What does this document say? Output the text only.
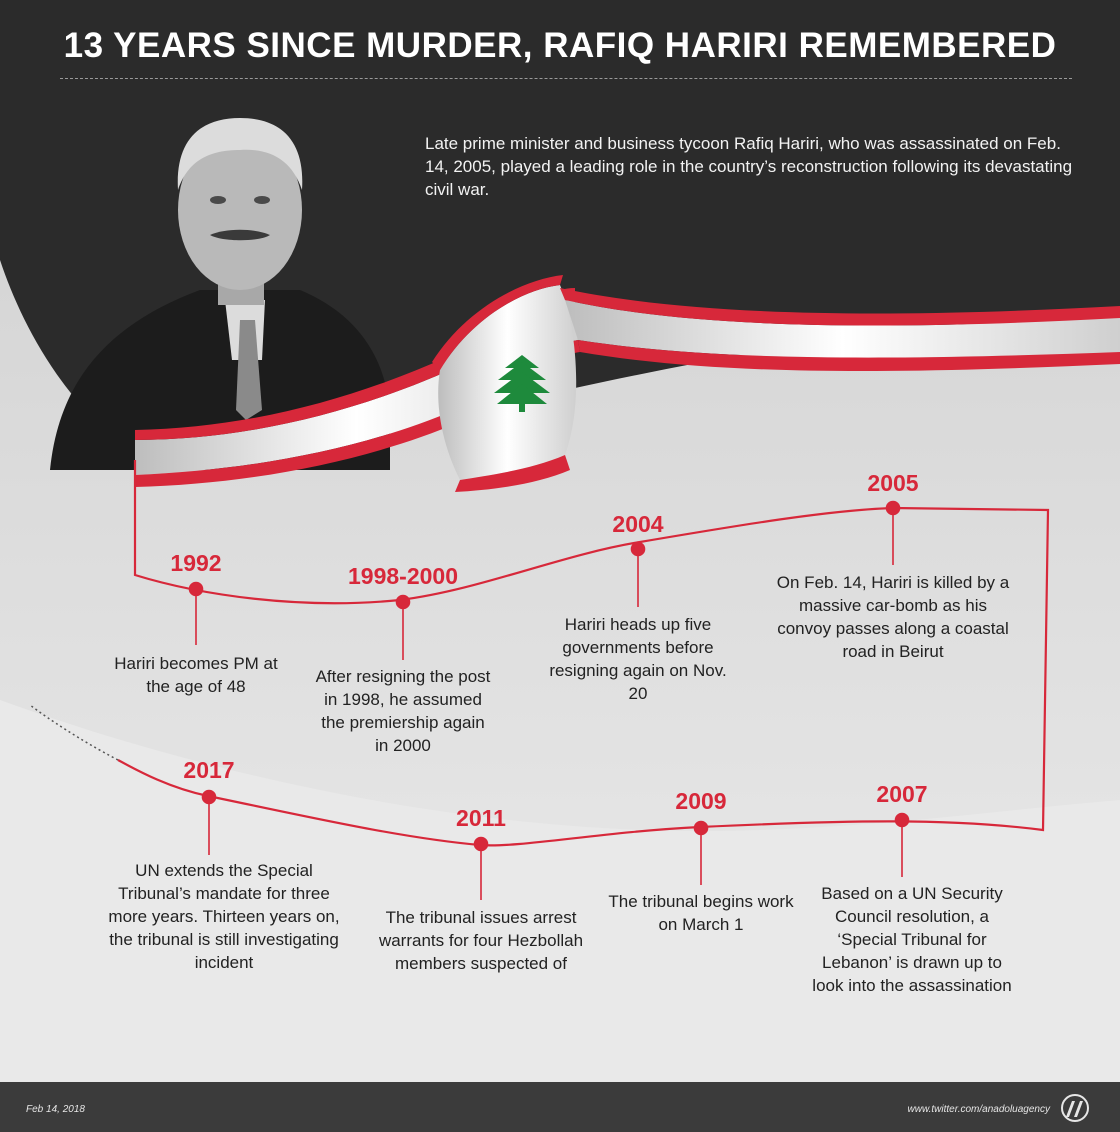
13 YEARS SINCE MURDER, RAFIQ HARIRI REMEMBERED
Late prime minister and business tycoon Rafiq Hariri, who was assassinated on Feb. 14, 2005, played a leading role in the country’s reconstruction following its devastating civil war.
1992
Hariri becomes PM at the age of 48
1998-2000
After resigning the post in 1998, he assumed the premiership again in 2000
2004
Hariri heads up five governments before resigning again on Nov. 20
2005
On Feb. 14, Hariri is killed by a massive car-bomb as his convoy passes along a coastal road in Beirut
2007
Based on a UN Security Council resolution, a ‘Special Tribunal for Lebanon’ is drawn up to look into the assassination
2009
The tribunal begins work on March 1
2011
The tribunal issues arrest warrants for four Hezbollah members suspected of
2017
UN extends the Special Tribunal’s mandate for three more years. Thirteen years on, the tribunal is still investigating incident
Feb 14, 2018	www.twitter.com/anadoluagency
